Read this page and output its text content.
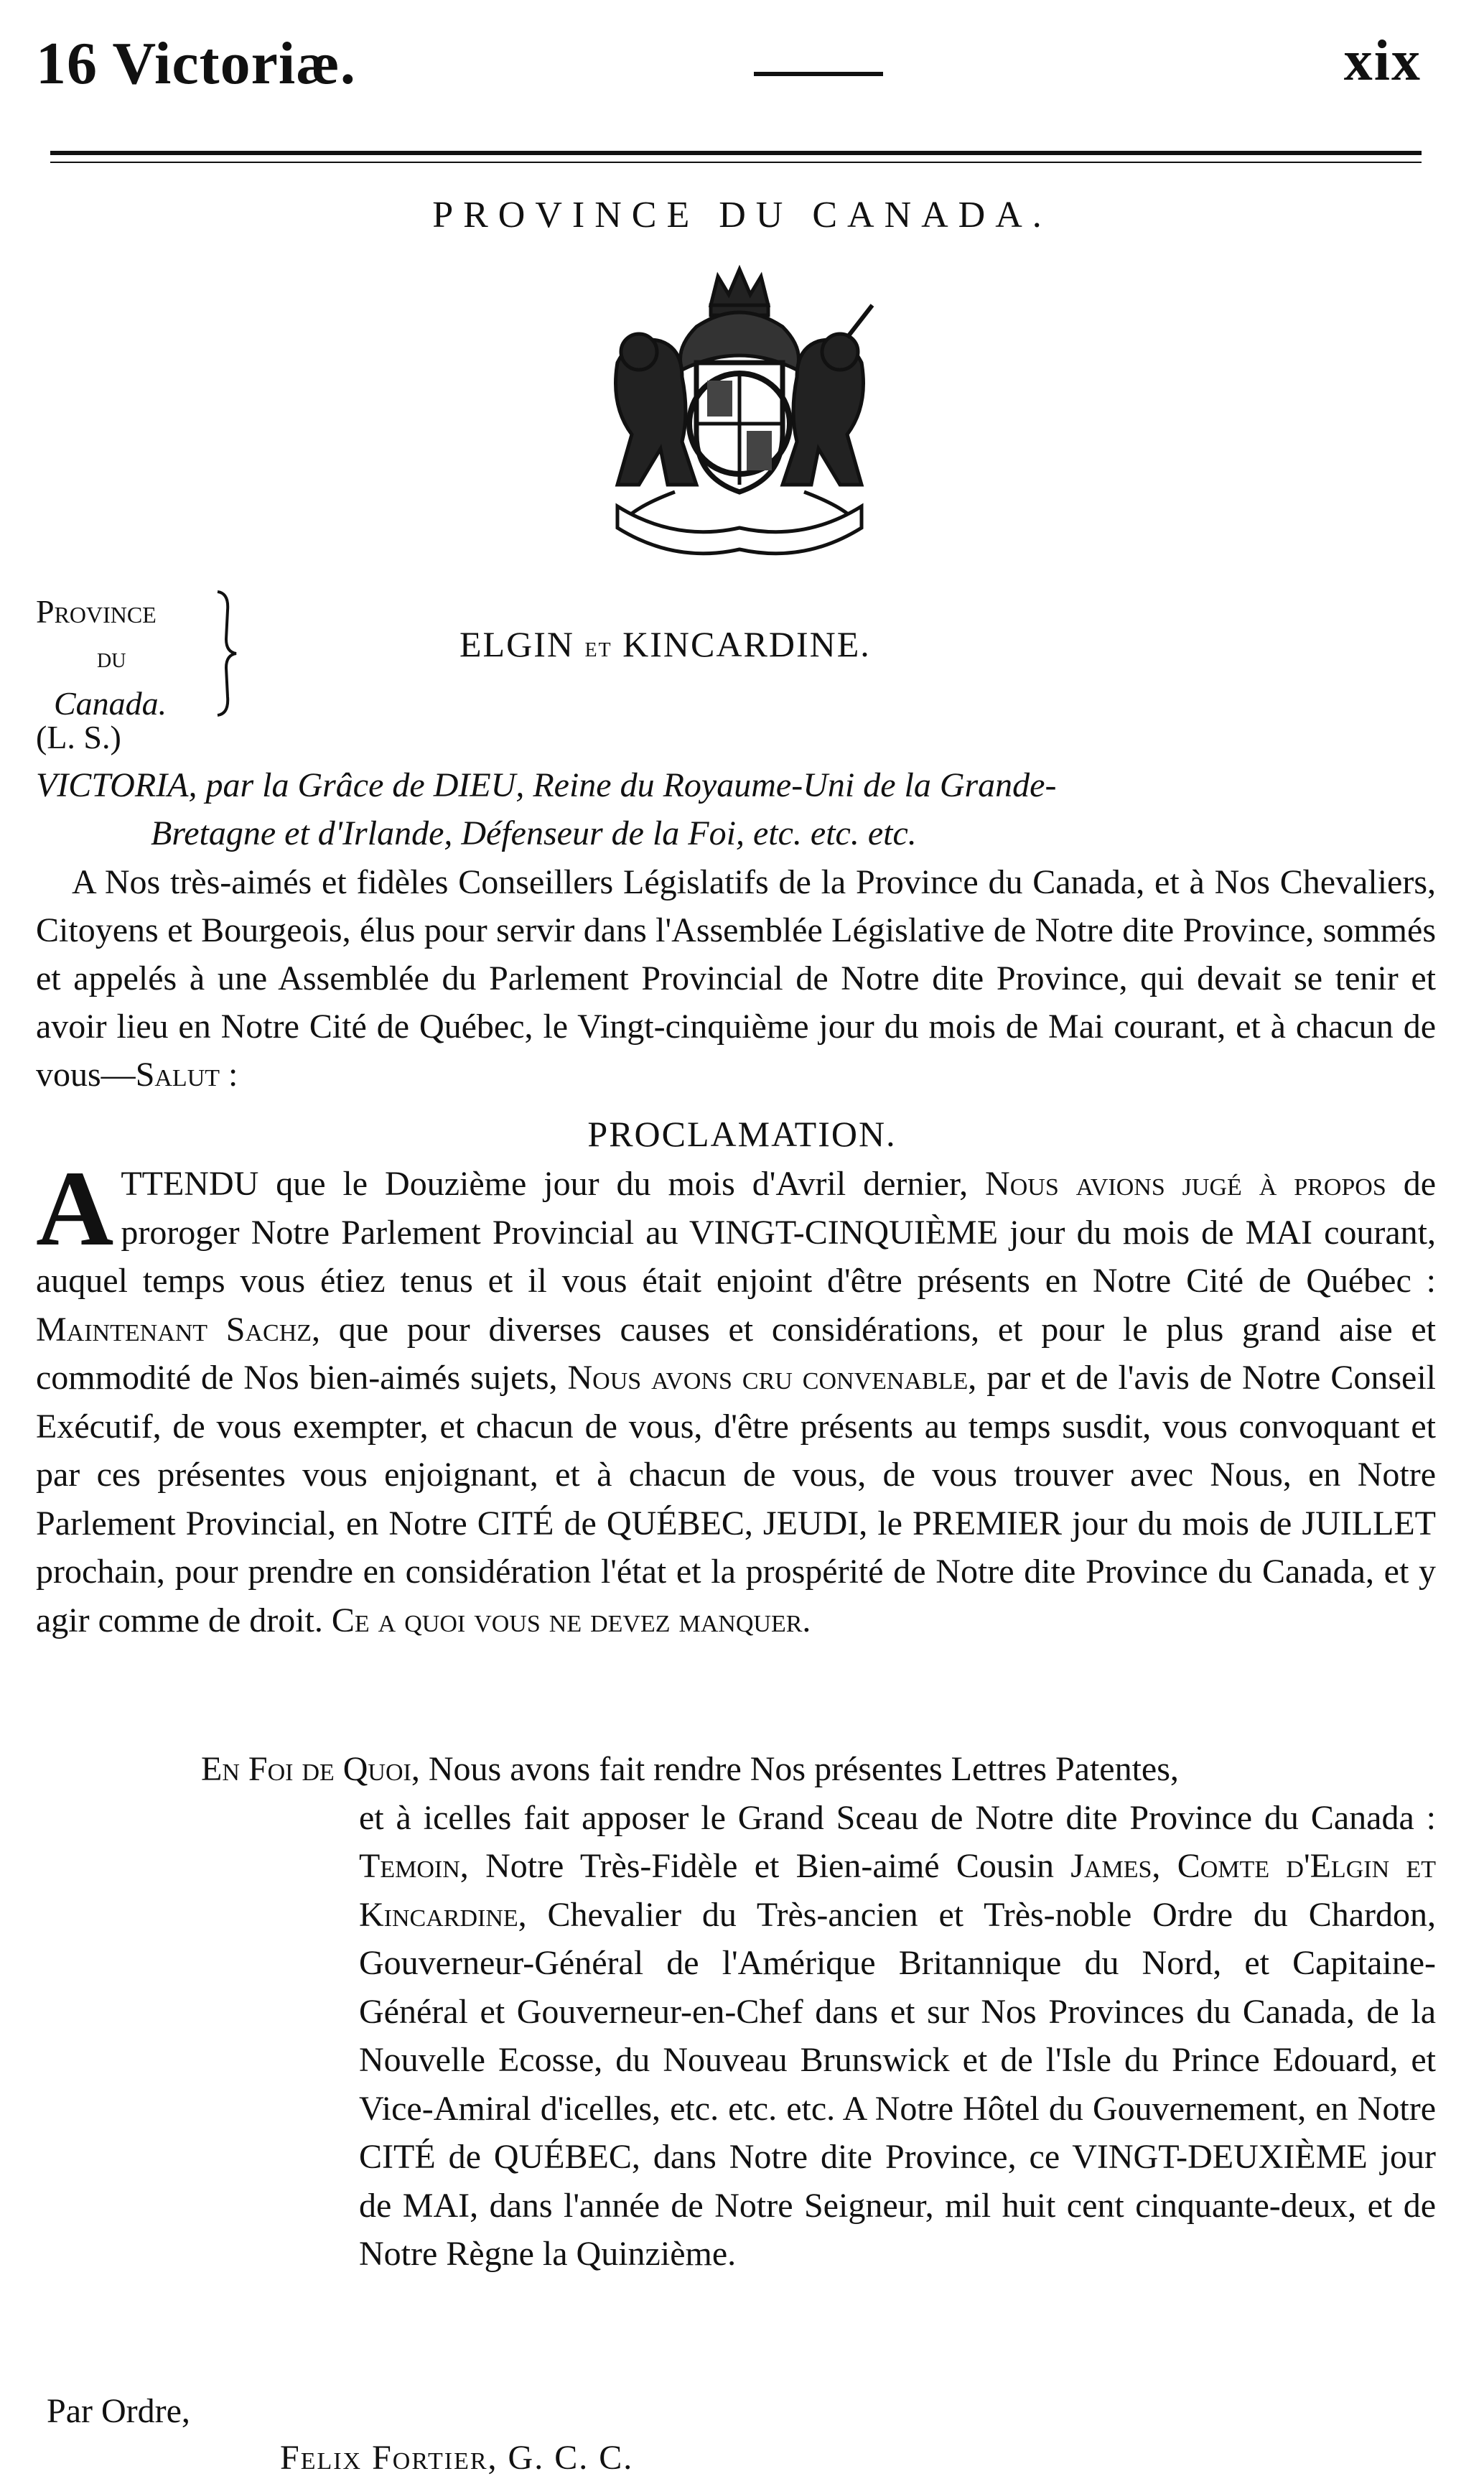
16 Victoriæ.	xix
PROVINCE DU CANADA.
Province
du
Canada.
ELGIN et KINCARDINE.
(L. S.)
VICTORIA, par la Grâce de DIEU, Reine du Royaume-Uni de la Grande-
Bretagne et d'Irlande, Défenseur de la Foi, etc. etc. etc.
A Nos très-aimés et fidèles Conseillers Législatifs de la Province du Canada, et à Nos Chevaliers, Citoyens et Bourgeois, élus pour servir dans l'Assemblée Législative de Notre dite Province, sommés et appelés à une Assemblée du Parlement Provincial de Notre dite Province, qui devait se tenir et avoir lieu en Notre Cité de Québec, le Vingt-cinquième jour du mois de Mai courant, et à chacun de vous—Salut :
PROCLAMATION.
A TTENDU que le Douzième jour du mois d'Avril dernier, Nous avions jugé à propos de proroger Notre Parlement Provincial au VINGT-CINQUIÈME jour du mois de MAI courant, auquel temps vous étiez tenus et il vous était enjoint d'être présents en Notre Cité de Québec : Maintenant Sachz, que pour diverses causes et considérations, et pour le plus grand aise et commodité de Nos bien-aimés sujets, Nous avons cru convenable, par et de l'avis de Notre Conseil Exécutif, de vous exempter, et chacun de vous, d'être présents au temps susdit, vous convoquant et par ces présentes vous enjoignant, et à chacun de vous, de vous trouver avec Nous, en Notre Parlement Provincial, en Notre CITÉ de QUÉBEC, JEUDI, le PREMIER jour du mois de JUILLET prochain, pour prendre en considération l'état et la prospérité de Notre dite Province du Canada, et y agir comme de droit. Ce a quoi vous ne devez manquer.
En Foi de Quoi, Nous avons fait rendre Nos présentes Lettres Patentes,
et à icelles fait apposer le Grand Sceau de Notre dite Province du Canada : Temoin, Notre Très-Fidèle et Bien-aimé Cousin James, Comte d'Elgin et Kincardine, Chevalier du Très-ancien et Très-noble Ordre du Chardon, Gouverneur-Général de l'Amérique Britannique du Nord, et Capitaine-Général et Gouverneur-en-Chef dans et sur Nos Provinces du Canada, de la Nouvelle Ecosse, du Nouveau Brunswick et de l'Isle du Prince Edouard, et Vice-Amiral d'icelles, etc. etc. etc. A Notre Hôtel du Gouvernement, en Notre CITÉ de QUÉBEC, dans Notre dite Province, ce VINGT-DEUXIÈME jour de MAI, dans l'année de Notre Seigneur, mil huit cent cinquante-deux, et de Notre Règne la Quinzième.
Par Ordre,
Felix Fortier, G. C. C.
